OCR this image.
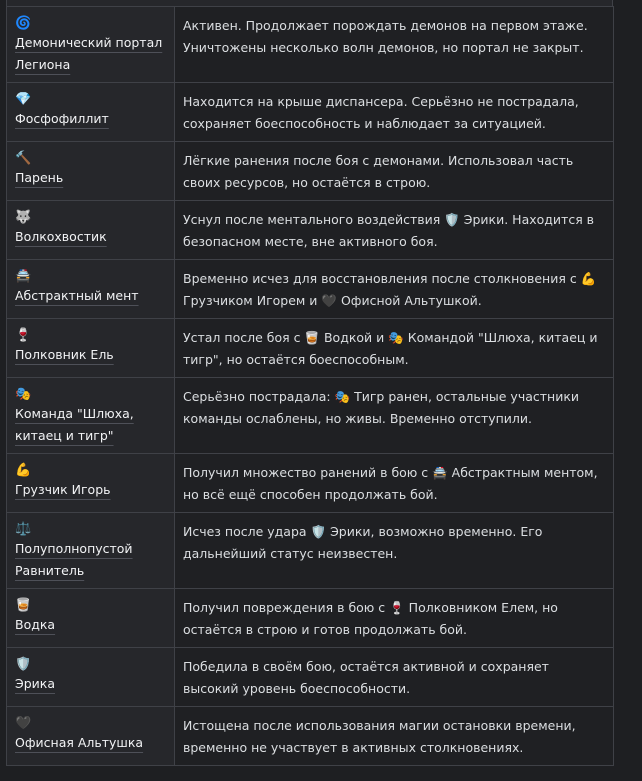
🌀
Демонический портал Легиона	Активен. Продолжает порождать демонов на первом этаже. Уничтожены несколько волн демонов, но портал не закрыт.

💎
Фосфофиллит	Находится на крыше диспансера. Серьёзно не пострадала, сохраняет боеспособность и наблюдает за ситуацией.

🔨
Парень	Лёгкие ранения после боя с демонами. Использовал часть своих ресурсов, но остаётся в строю.

🐺
Волкохвостик	Уснул после ментального воздействия 🛡️ Эрики. Находится в безопасном месте, вне активного боя.

🚔
Абстрактный мент	Временно исчез для восстановления после столкновения с 💪 Грузчиком Игорем и 🖤 Офисной Альтушкой.

🍷
Полковник Ель	Устал после боя с 🥃 Водкой и 🎭 Командой "Шлюха, китаец и тигр", но остаётся боеспособным.

🎭
Команда "Шлюха, китаец и тигр"	Серьёзно пострадала: 🎭 Тигр ранен, остальные участники команды ослаблены, но живы. Временно отступили.

💪
Грузчик Игорь	Получил множество ранений в бою с 🚔 Абстрактным ментом, но всё ещё способен продолжать бой.

⚖️
Полуполнопустой Равнитель	Исчез после удара 🛡️ Эрики, возможно временно. Его дальнейший статус неизвестен.

🥃
Водка	Получил повреждения в бою с 🍷 Полковником Елем, но остаётся в строю и готов продолжать бой.

🛡️
Эрика	Победила в своём бою, остаётся активной и сохраняет высокий уровень боеспособности.

🖤
Офисная Альтушка	Истощена после использования магии остановки времени, временно не участвует в активных столкновениях.
